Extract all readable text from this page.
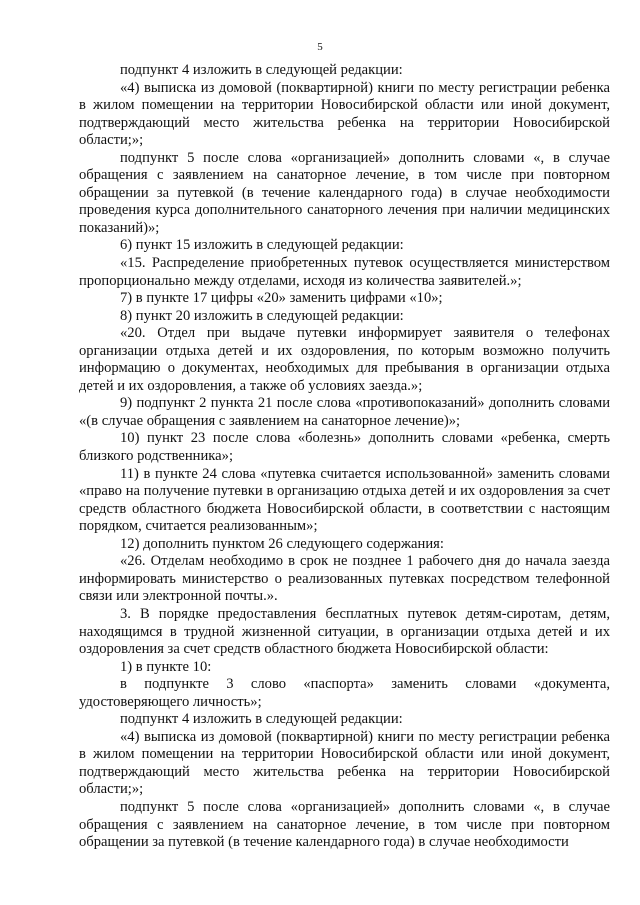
5

подпункт 4 изложить в следующей редакции:

«4) выписка из домовой (поквартирной) книги по месту регистрации ребенка в жилом помещении на территории Новосибирской области или иной документ, подтверждающий место жительства ребенка на территории Новосибирской области;»;

подпункт 5 после слова «организацией» дополнить словами «, в случае обращения с заявлением на санаторное лечение, в том числе при повторном обращении за путевкой (в течение календарного года) в случае необходимости проведения курса дополнительного санаторного лечения при наличии медицинских показаний)»;

6) пункт 15 изложить в следующей редакции:

«15. Распределение приобретенных путевок осуществляется министерством пропорционально между отделами, исходя из количества заявителей.»;

7) в пункте 17 цифры «20» заменить цифрами «10»;

8) пункт 20 изложить в следующей редакции:

«20. Отдел при выдаче путевки информирует заявителя о телефонах организации отдыха детей и их оздоровления, по которым возможно получить информацию о документах, необходимых для пребывания в организации отдыха детей и их оздоровления, а также об условиях заезда.»;

9) подпункт 2 пункта 21 после слова «противопоказаний» дополнить словами «(в случае обращения с заявлением на санаторное лечение)»;

10) пункт 23 после слова «болезнь» дополнить словами «ребенка, смерть близкого родственника»;

11) в пункте 24 слова «путевка считается использованной» заменить словами «право на получение путевки в организацию отдыха детей и их оздоровления за счет средств областного бюджета Новосибирской области, в соответствии с настоящим порядком, считается реализованным»;

12) дополнить пунктом 26 следующего содержания:

«26. Отделам необходимо в срок не позднее 1 рабочего дня до начала заезда информировать министерство о реализованных путевках посредством телефонной связи или электронной почты.».

3. В порядке предоставления бесплатных путевок детям-сиротам, детям, находящимся в трудной жизненной ситуации, в организации отдыха детей и их оздоровления за счет средств областного бюджета Новосибирской области:

1) в пункте 10:

в подпункте 3 слово «паспорта» заменить словами «документа, удостоверяющего личность»;

подпункт 4 изложить в следующей редакции:

«4) выписка из домовой (поквартирной) книги по месту регистрации ребенка в жилом помещении на территории Новосибирской области или иной документ, подтверждающий место жительства ребенка на территории Новосибирской области;»;

подпункт 5 после слова «организацией» дополнить словами «, в случае обращения с заявлением на санаторное лечение, в том числе при повторном обращении за путевкой (в течение календарного года) в случае необходимости
